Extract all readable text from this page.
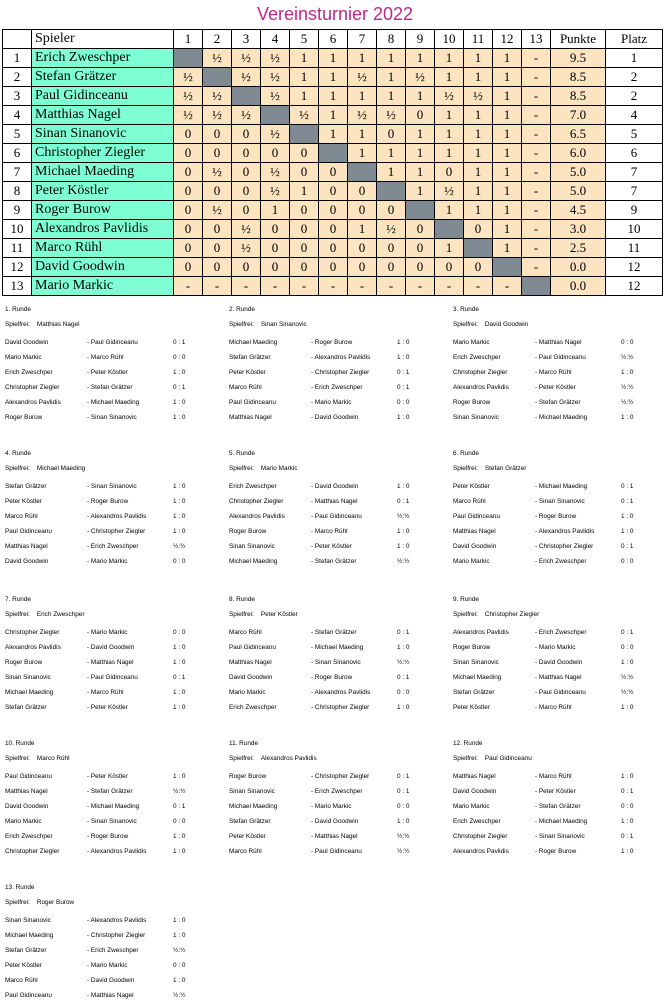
Vereinsturnier 2022
	Spieler	1	2	3	4	5	6	7	8	9	10	11	12	13	Punkte	Platz
1	Erich Zweschper		½	½	½	1	1	1	1	1	1	1	1	-	9.5	1
2	Stefan Grätzer	½		½	½	1	1	½	1	½	1	1	1	-	8.5	2
3	Paul Gidinceanu	½	½		½	1	1	1	1	1	½	½	1	-	8.5	2
4	Matthias Nagel	½	½	½		½	1	½	½	0	1	1	1	-	7.0	4
5	Sinan Sinanovic	0	0	0	½		1	1	0	1	1	1	1	-	6.5	5
6	Christopher Ziegler	0	0	0	0	0		1	1	1	1	1	1	-	6.0	6
7	Michael Maeding	0	½	0	½	0	0		1	1	0	1	1	-	5.0	7
8	Peter Köstler	0	0	0	½	1	0	0		1	½	1	1	-	5.0	7
9	Roger Burow	0	½	0	1	0	0	0	0		1	1	1	-	4.5	9
10	Alexandros Pavlidis	0	0	½	0	0	0	1	½	0		0	1	-	3.0	10
11	Marco Rühl	0	0	½	0	0	0	0	0	0	1		1	-	2.5	11
12	David Goodwin	0	0	0	0	0	0	0	0	0	0	0		-	0.0	12
13	Mario Markic	-	-	-	-	-	-	-	-	-	-	-	-		0.0	12
1. Runde
Spielfrei: Matthias Nagel
David Goodwin	- Paul Gidinceanu	0 : 1
Mario Markic	- Marco Rühl	0 : 0
Erich Zweschper	- Peter Köstler	1 : 0
Christopher Ziegler	- Stefan Grätzer	0 : 1
Alexandros Pavlidis	- Michael Maeding	1 : 0
Roger Burow	- Sinan Sinanovic	1 : 0
2. Runde
Spielfrei: Sinan Sinanovic
Michael Maeding	- Roger Burow	1 : 0
Stefan Grätzer	- Alexandros Pavlidis	1 : 0
Peter Köstler	- Christopher Ziegler	0 : 1
Marco Rühl	- Erich Zweschper	0 : 1
Paul Gidinceanu	- Mario Markic	0 : 0
Matthias Nagel	- David Goodwin	1 : 0
3. Runde
Spielfrei: David Goodwin
Mario Markic	- Matthias Nagel	0 : 0
Erich Zweschper	- Paul Gidinceanu	½:½
Christopher Ziegler	- Marco Rühl	1 : 0
Alexandros Pavlidis	- Peter Köstler	½:½
Roger Burow	- Stefan Grätzer	½:½
Sinan Sinanovic	- Michael Maeding	1 : 0
4. Runde
Spielfrei: Michael Maeding
Stefan Grätzer	- Sinan Sinanovic	1 : 0
Peter Köstler	- Roger Burow	1 : 0
Marco Rühl	- Alexandros Pavlidis	1 : 0
Paul Gidinceanu	- Christopher Ziegler	1 : 0
Matthias Nagel	- Erich Zweschper	½:½
David Goodwin	- Mario Markic	0 : 0
5. Runde
Spielfrei: Mario Markic
Erich Zweschper	- David Goodwin	1 : 0
Christopher Ziegler	- Matthias Nagel	0 : 1
Alexandros Pavlidis	- Paul Gidinceanu	½:½
Roger Burow	- Marco Rühl	1 : 0
Sinan Sinanovic	- Peter Köstler	1 : 0
Michael Maeding	- Stefan Grätzer	½:½
6. Runde
Spielfrei: Stefan Grätzer
Peter Köstler	- Michael Maeding	0 : 1
Marco Rühl	- Sinan Sinanovic	0 : 1
Paul Gidinceanu	- Roger Burow	1 : 0
Matthias Nagel	- Alexandros Pavlidis	1 : 0
David Goodwin	- Christopher Ziegler	0 : 1
Mario Markic	- Erich Zweschper	0 : 0
7. Runde
Spielfrei: Erich Zweschper
Christopher Ziegler	- Mario Markic	0 : 0
Alexandros Pavlidis	- David Goodwin	1 : 0
Roger Burow	- Matthias Nagel	1 : 0
Sinan Sinanovic	- Paul Gidinceanu	0 : 1
Michael Maeding	- Marco Rühl	1 : 0
Stefan Grätzer	- Peter Köstler	1 : 0
8. Runde
Spielfrei: Peter Köstler
Marco Rühl	- Stefan Grätzer	0 : 1
Paul Gidinceanu	- Michael Maeding	1 : 0
Matthias Nagel	- Sinan Sinanovic	½:½
David Goodwin	- Roger Burow	0 : 1
Mario Markic	- Alexandros Pavlidis	0 : 0
Erich Zweschper	- Christopher Ziegler	1 : 0
9. Runde
Spielfrei: Christopher Ziegler
Alexandros Pavlidis	- Erich Zweschper	0 : 1
Roger Burow	- Mario Markic	0 : 0
Sinan Sinanovic	- David Goodwin	1 : 0
Michael Maeding	- Matthias Nagel	½:½
Stefan Grätzer	- Paul Gidinceanu	½:½
Peter Köstler	- Marco Rühl	1 : 0
10. Runde
Spielfrei: Marco Rühl
Paul Gidinceanu	- Peter Köstler	1 : 0
Matthias Nagel	- Stefan Grätzer	½:½
David Goodwin	- Michael Maeding	0 : 1
Mario Markic	- Sinan Sinanovic	0 : 0
Erich Zweschper	- Roger Burow	1 : 0
Christopher Ziegler	- Alexandros Pavlidis	1 : 0
11. Runde
Spielfrei: Alexandros Pavlidis
Roger Burow	- Christopher Ziegler	0 : 1
Sinan Sinanovic	- Erich Zweschper	0 : 1
Michael Maeding	- Mario Markic	0 : 0
Stefan Grätzer	- David Goodwin	1 : 0
Peter Köstler	- Matthias Nagel	½:½
Marco Rühl	- Paul Gidinceanu	½:½
12. Runde
Spielfrei: Paul Gidinceanu
Matthias Nagel	- Marco Rühl	1 : 0
David Goodwin	- Peter Köstler	0 : 1
Mario Markic	- Stefan Grätzer	0 : 0
Erich Zweschper	- Michael Maeding	1 : 0
Christopher Ziegler	- Sinan Sinanovic	0 : 1
Alexandros Pavlidis	- Roger Burow	1 : 0
13. Runde
Spielfrei: Roger Burow
Sinan Sinanovic	- Alexandros Pavlidis	1 : 0
Michael Maeding	- Christopher Ziegler	1 : 0
Stefan Grätzer	- Erich Zweschper	½:½
Peter Köstler	- Mario Markic	0 : 0
Marco Rühl	- David Goodwin	1 : 0
Paul Gidinceanu	- Matthias Nagel	½:½
